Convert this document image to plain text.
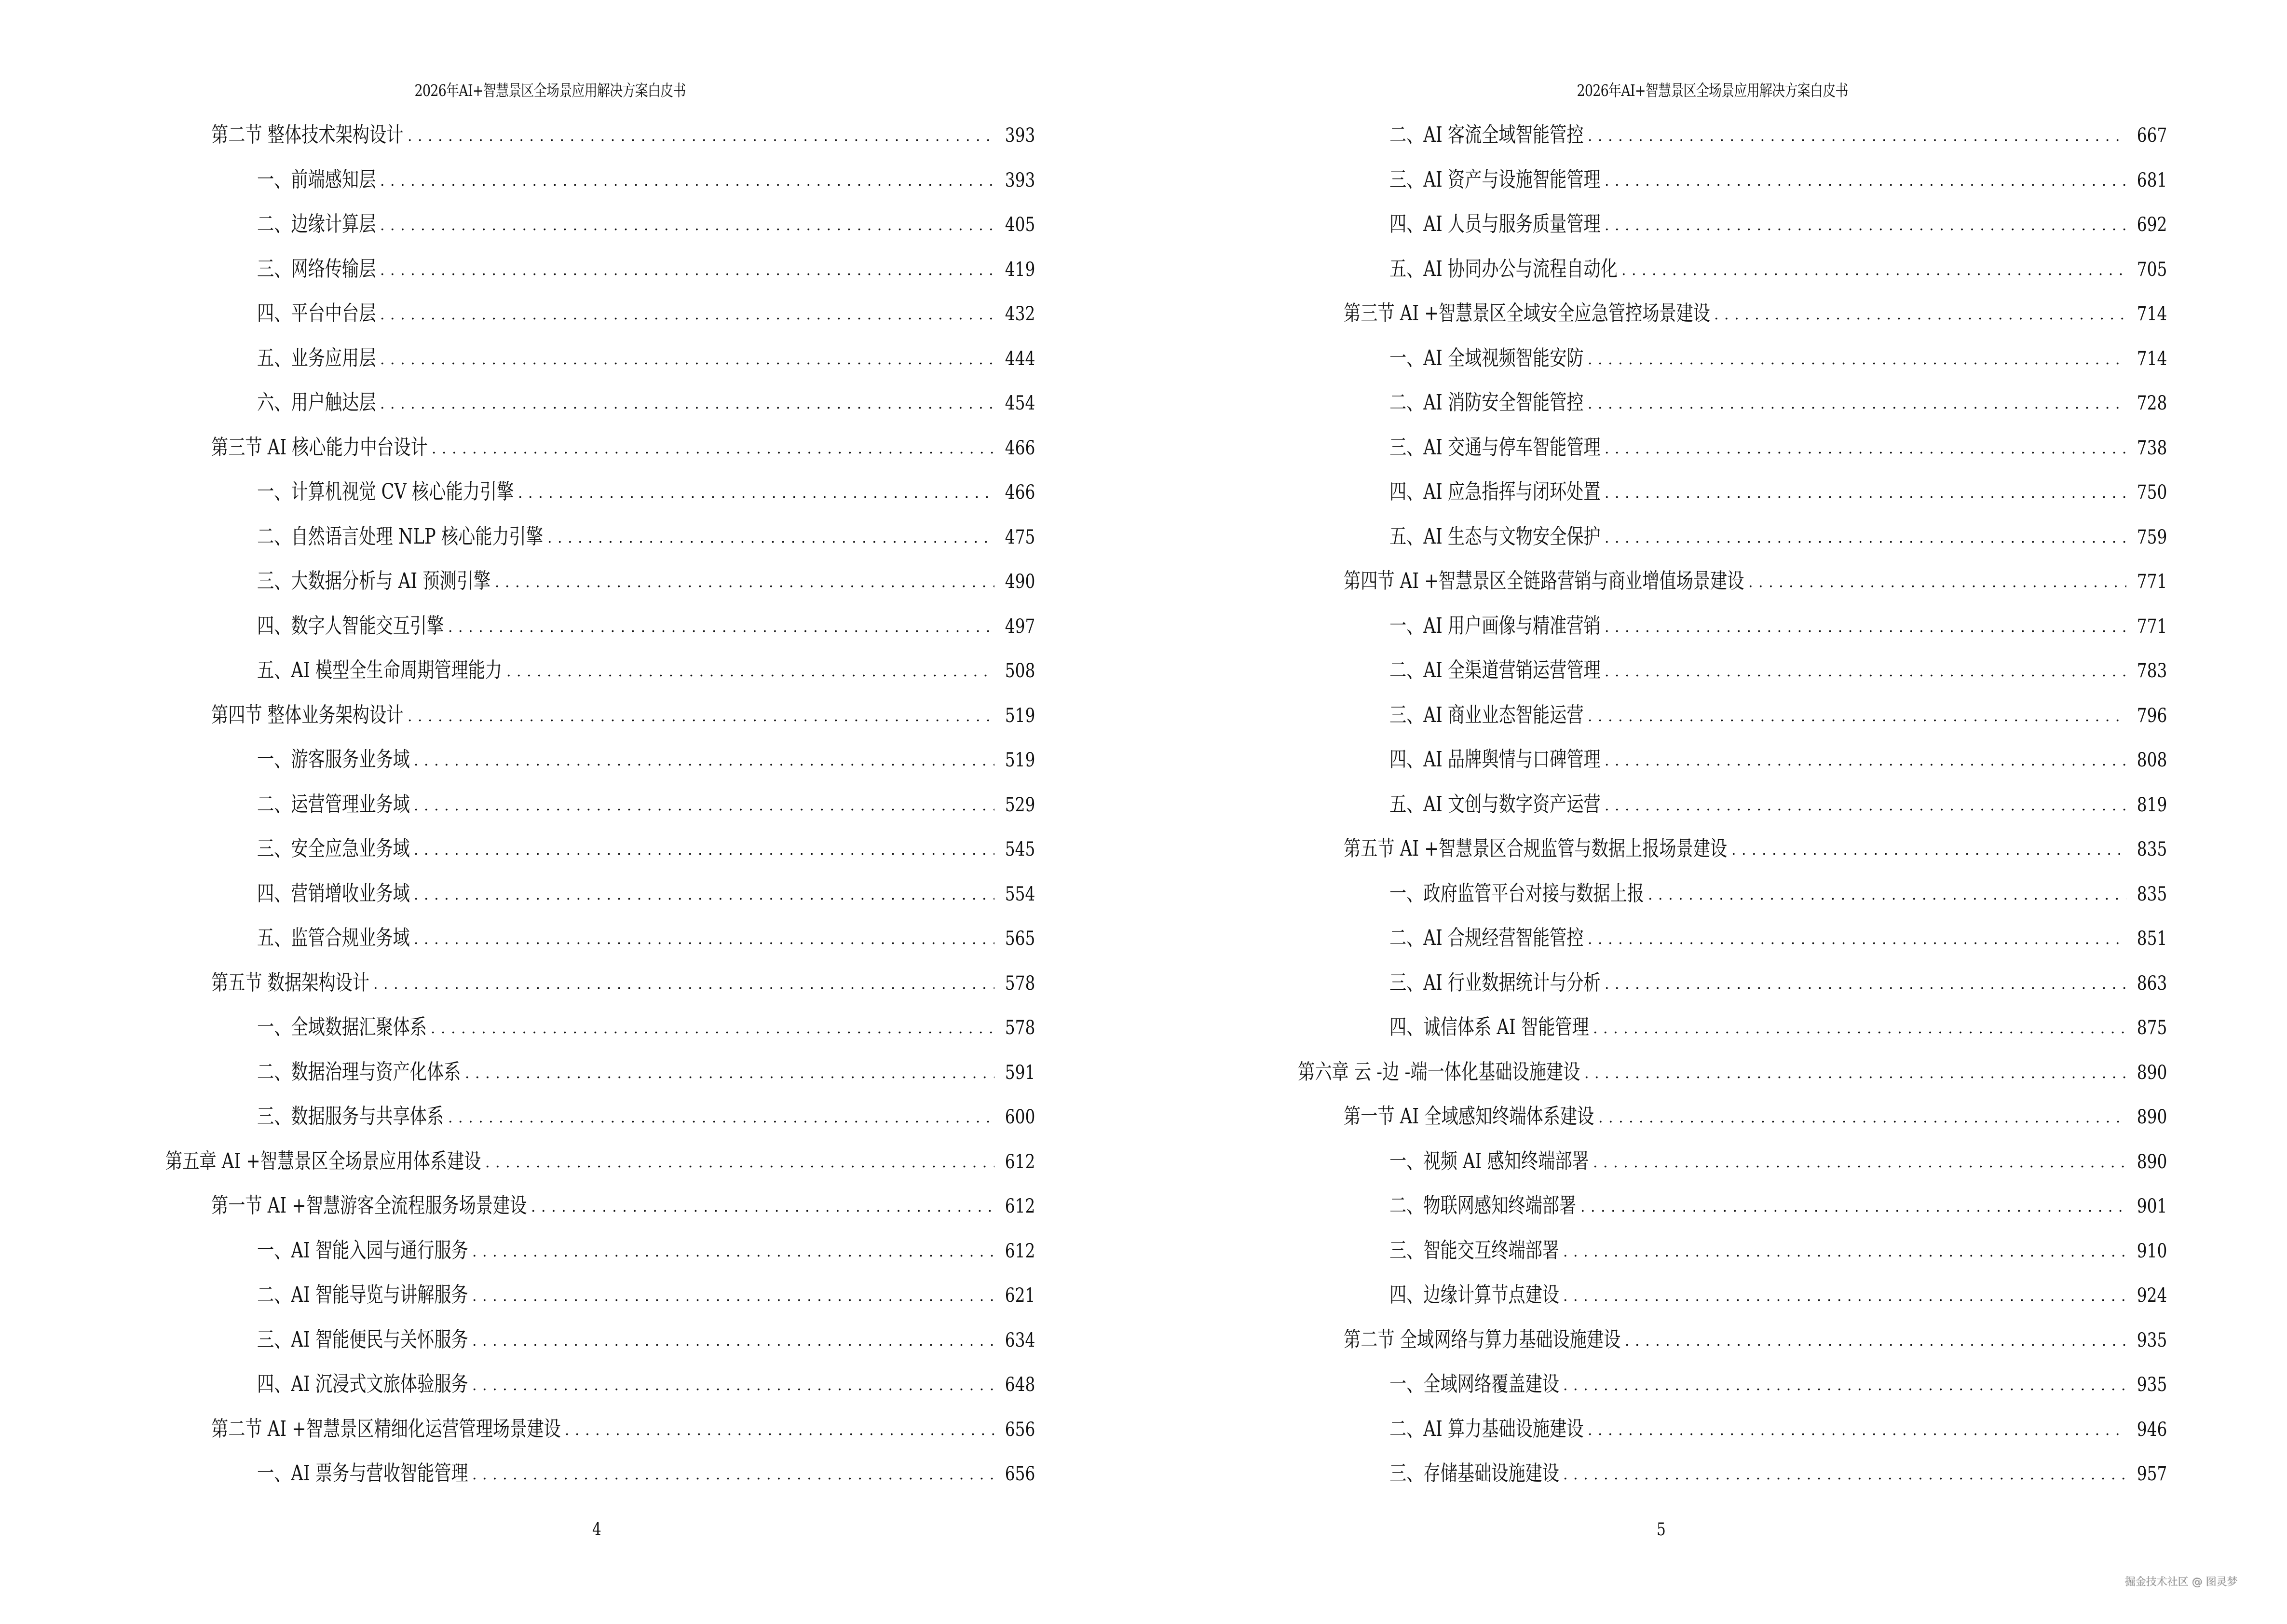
2026年AI+智慧景区全场景应用解决方案白皮书
第二节 整体技术架构设计 .....	393
一、前端感知层 .....	393
二、边缘计算层 .....	405
三、网络传输层 .....	419
四、平台中台层 .....	432
五、业务应用层 .....	444
六、用户触达层 .....	454
第三节 AI 核心能力中台设计 .....	466
一、计算机视觉 CV 核心能力引擎 .....	466
二、自然语言处理 NLP 核心能力引擎 .....	475
三、大数据分析与 AI 预测引擎 .....	490
四、数字人智能交互引擎 .....	497
五、AI 模型全生命周期管理能力 .....	508
第四节 整体业务架构设计 .....	519
一、游客服务业务域 .....	519
二、运营管理业务域 .....	529
三、安全应急业务域 .....	545
四、营销增收业务域 .....	554
五、监管合规业务域 .....	565
第五节 数据架构设计 .....	578
一、全域数据汇聚体系 .....	578
二、数据治理与资产化体系 .....	591
三、数据服务与共享体系 .....	600
第五章 AI +智慧景区全场景应用体系建设 .....	612
第一节 AI +智慧游客全流程服务场景建设 .....	612
一、AI 智能入园与通行服务 .....	612
二、AI 智能导览与讲解服务 .....	621
三、AI 智能便民与关怀服务 .....	634
四、AI 沉浸式文旅体验服务 .....	648
第二节 AI +智慧景区精细化运营管理场景建设 .....	656
一、AI 票务与营收智能管理 .....	656
4
2026年AI+智慧景区全场景应用解决方案白皮书
二、AI 客流全域智能管控 .....	667
三、AI 资产与设施智能管理 .....	681
四、AI 人员与服务质量管理 .....	692
五、AI 协同办公与流程自动化 .....	705
第三节 AI +智慧景区全域安全应急管控场景建设 .....	714
一、AI 全域视频智能安防 .....	714
二、AI 消防安全智能管控 .....	728
三、AI 交通与停车智能管理 .....	738
四、AI 应急指挥与闭环处置 .....	750
五、AI 生态与文物安全保护 .....	759
第四节 AI +智慧景区全链路营销与商业增值场景建设 .....	771
一、AI 用户画像与精准营销 .....	771
二、AI 全渠道营销运营管理 .....	783
三、AI 商业业态智能运营 .....	796
四、AI 品牌舆情与口碑管理 .....	808
五、AI 文创与数字资产运营 .....	819
第五节 AI +智慧景区合规监管与数据上报场景建设 .....	835
一、政府监管平台对接与数据上报 .....	835
二、AI 合规经营智能管控 .....	851
三、AI 行业数据统计与分析 .....	863
四、诚信体系 AI 智能管理 .....	875
第六章 云 -边 -端一体化基础设施建设 .....	890
第一节 AI 全域感知终端体系建设 .....	890
一、视频 AI 感知终端部署 .....	890
二、物联网感知终端部署 .....	901
三、智能交互终端部署 .....	910
四、边缘计算节点建设 .....	924
第二节 全域网络与算力基础设施建设 .....	935
一、全域网络覆盖建设 .....	935
二、AI 算力基础设施建设 .....	946
三、存储基础设施建设 .....	957
5
掘金技术社区 @ 图灵梦
